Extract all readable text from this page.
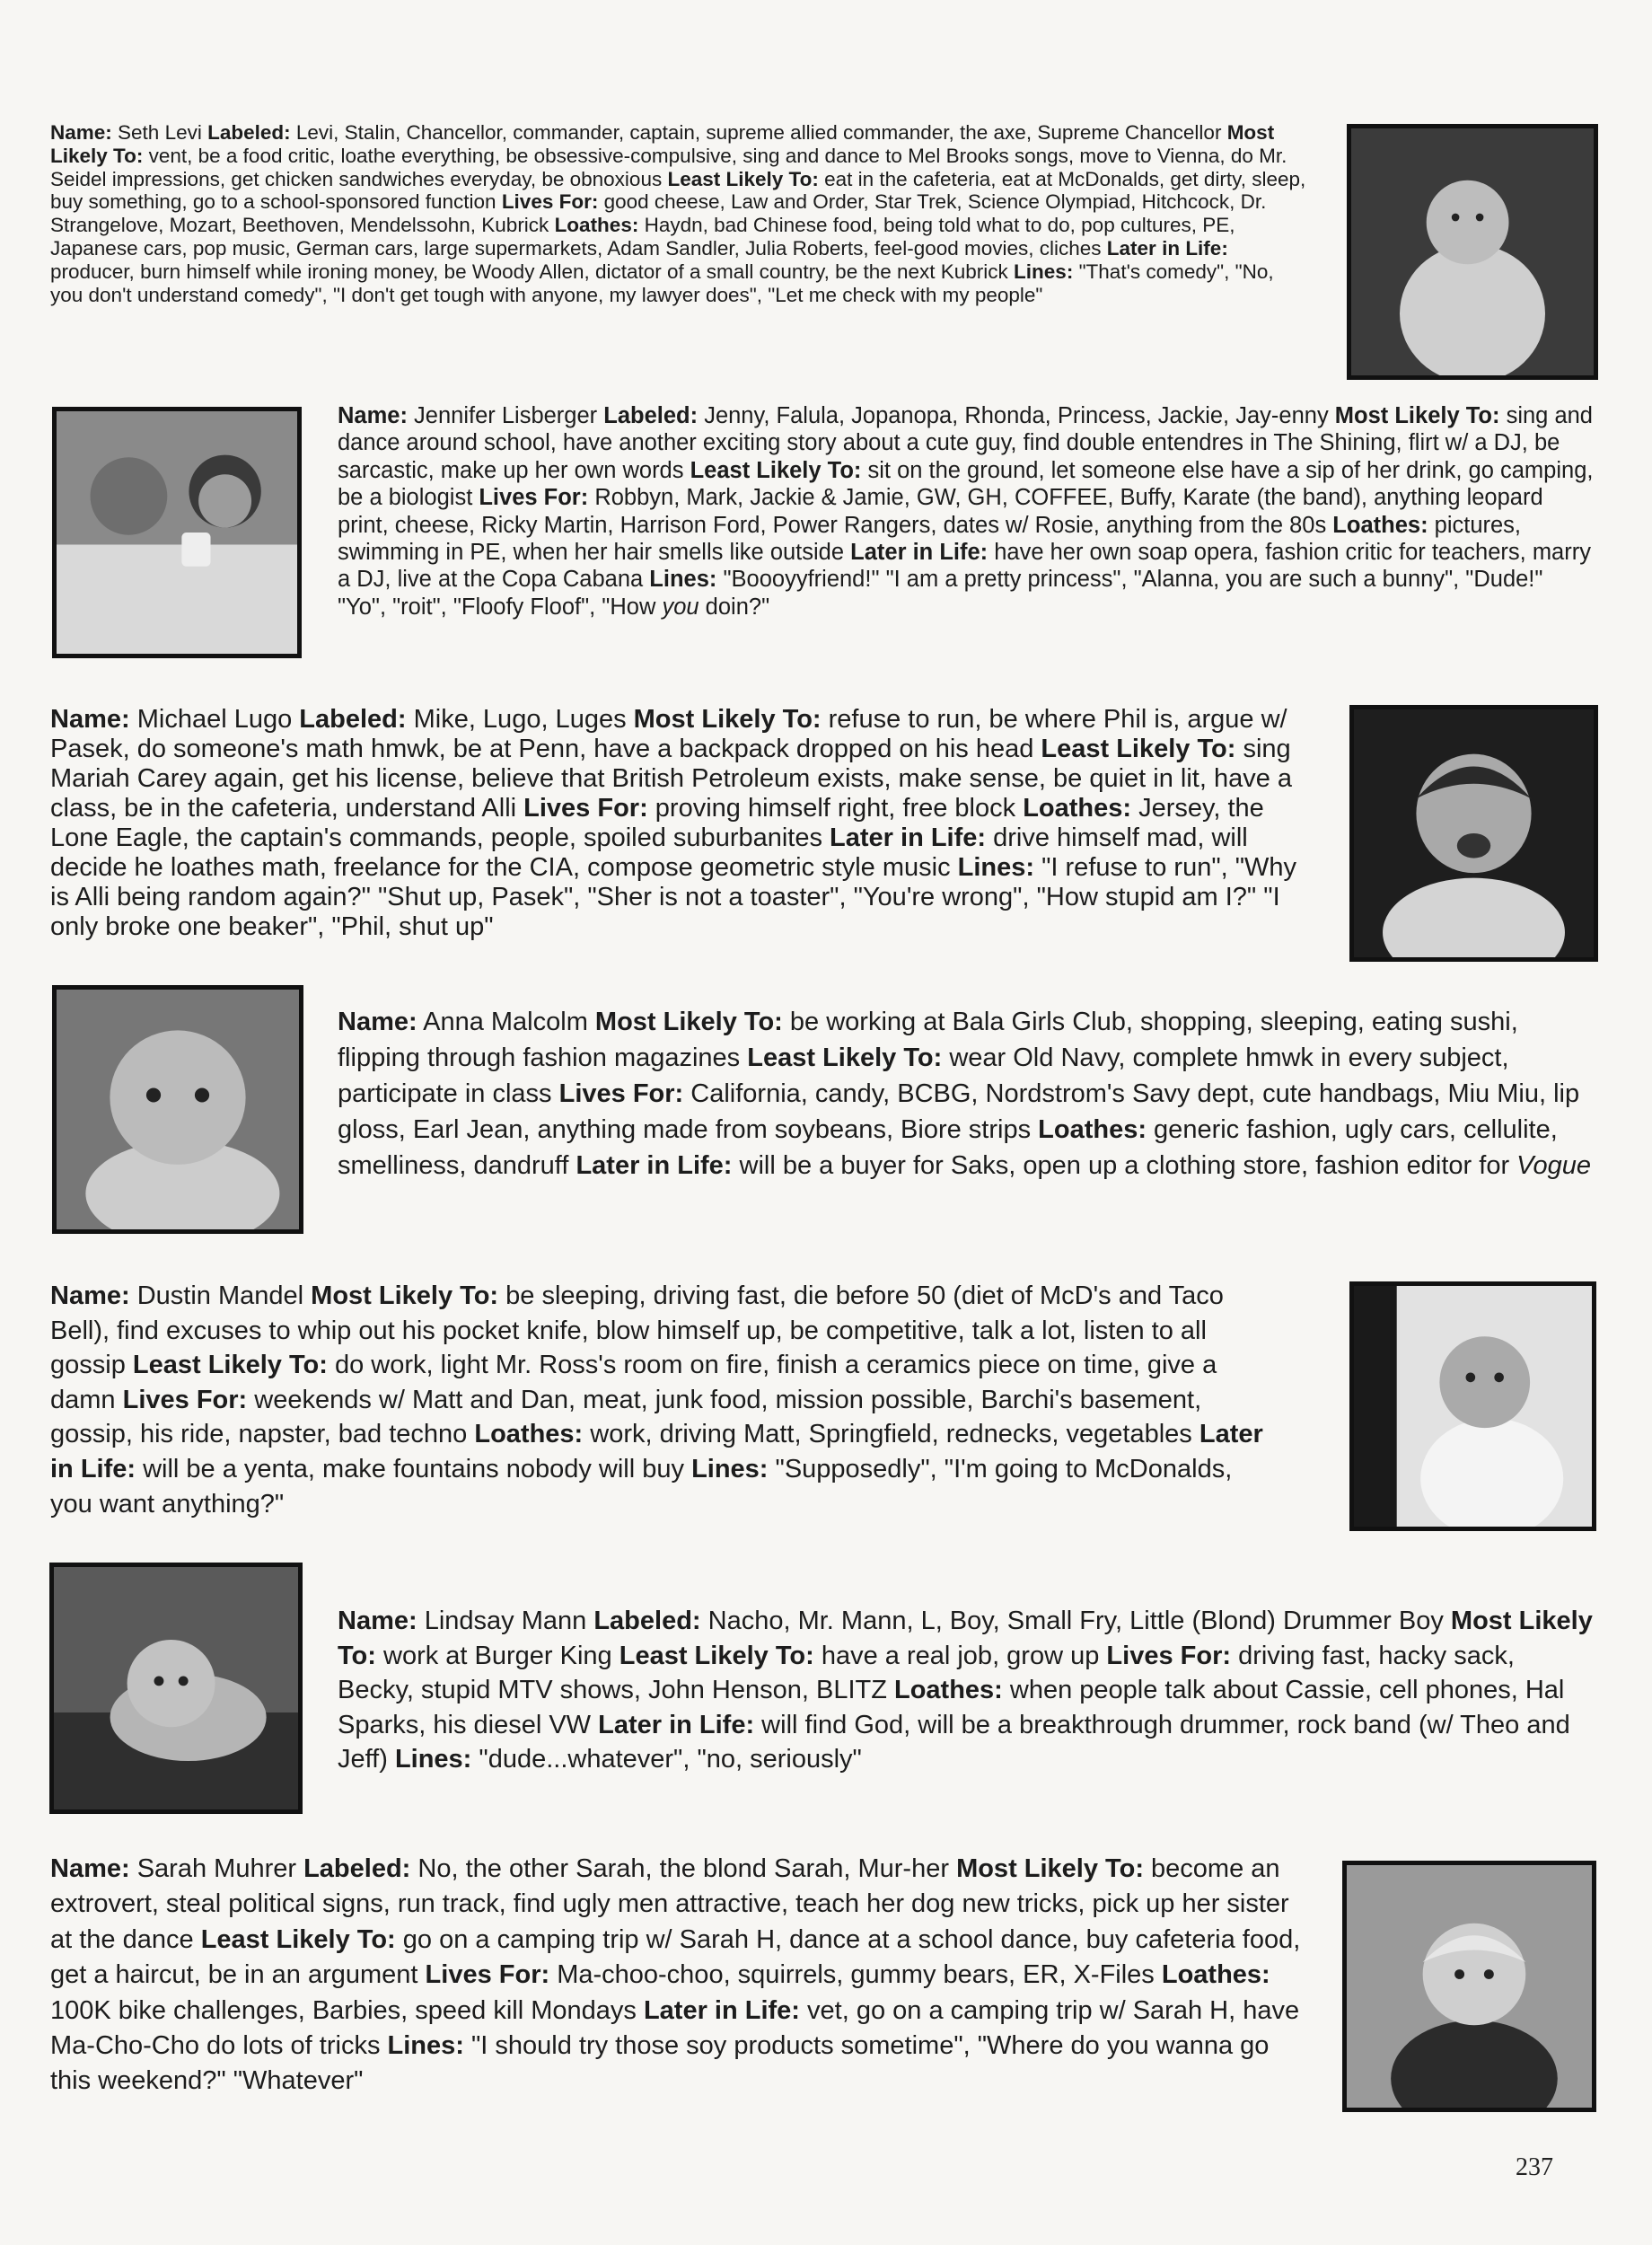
Name: Seth Levi Labeled: Levi, Stalin, Chancellor, commander, captain, supreme allied commander, the axe, Supreme Chancellor Most Likely To: vent, be a food critic, loathe everything, be obsessive-compulsive, sing and dance to Mel Brooks songs, move to Vienna, do Mr. Seidel impressions, get chicken sandwiches everyday, be obnoxious Least Likely To: eat in the cafeteria, eat at McDonalds, get dirty, sleep, buy something, go to a school-sponsored function Lives For: good cheese, Law and Order, Star Trek, Science Olympiad, Hitchcock, Dr. Strangelove, Mozart, Beethoven, Mendelssohn, Kubrick Loathes: Haydn, bad Chinese food, being told what to do, pop cultures, PE, Japanese cars, pop music, German cars, large supermarkets, Adam Sandler, Julia Roberts, feel-good movies, cliches Later in Life: producer, burn himself while ironing money, be Woody Allen, dictator of a small country, be the next Kubrick Lines: "That's comedy", "No, you don't understand comedy", "I don't get tough with anyone, my lawyer does", "Let me check with my people"

Name: Jennifer Lisberger Labeled: Jenny, Falula, Jopanopa, Rhonda, Princess, Jackie, Jay-enny Most Likely To: sing and dance around school, have another exciting story about a cute guy, find double entendres in The Shining, flirt w/ a DJ, be sarcastic, make up her own words Least Likely To: sit on the ground, let someone else have a sip of her drink, go camping, be a biologist Lives For: Robbyn, Mark, Jackie & Jamie, GW, GH, COFFEE, Buffy, Karate (the band), anything leopard print, cheese, Ricky Martin, Harrison Ford, Power Rangers, dates w/ Rosie, anything from the 80s Loathes: pictures, swimming in PE, when her hair smells like outside Later in Life: have her own soap opera, fashion critic for teachers, marry a DJ, live at the Copa Cabana Lines: "Boooyyfriend!" "I am a pretty princess", "Alanna, you are such a bunny", "Dude!" "Yo", "roit", "Floofy Floof", "How you doin?"

Name: Michael Lugo Labeled: Mike, Lugo, Luges Most Likely To: refuse to run, be where Phil is, argue w/ Pasek, do someone's math hmwk, be at Penn, have a backpack dropped on his head Least Likely To: sing Mariah Carey again, get his license, believe that British Petroleum exists, make sense, be quiet in lit, have a class, be in the cafeteria, understand Alli Lives For: proving himself right, free block Loathes: Jersey, the Lone Eagle, the captain's commands, people, spoiled suburbanites Later in Life: drive himself mad, will decide he loathes math, freelance for the CIA, compose geometric style music Lines: "I refuse to run", "Why is Alli being random again?" "Shut up, Pasek", "Sher is not a toaster", "You're wrong", "How stupid am I?" "I only broke one beaker", "Phil, shut up"

Name: Anna Malcolm Most Likely To: be working at Bala Girls Club, shopping, sleeping, eating sushi, flipping through fashion magazines Least Likely To: wear Old Navy, complete hmwk in every subject, participate in class Lives For: California, candy, BCBG, Nordstrom's Savy dept, cute handbags, Miu Miu, lip gloss, Earl Jean, anything made from soybeans, Biore strips Loathes: generic fashion, ugly cars, cellulite, smelliness, dandruff Later in Life: will be a buyer for Saks, open up a clothing store, fashion editor for Vogue

Name: Dustin Mandel Most Likely To: be sleeping, driving fast, die before 50 (diet of McD's and Taco Bell), find excuses to whip out his pocket knife, blow himself up, be competitive, talk a lot, listen to all gossip Least Likely To: do work, light Mr. Ross's room on fire, finish a ceramics piece on time, give a damn Lives For: weekends w/ Matt and Dan, meat, junk food, mission possible, Barchi's basement, gossip, his ride, napster, bad techno Loathes: work, driving Matt, Springfield, rednecks, vegetables Later in Life: will be a yenta, make fountains nobody will buy Lines: "Supposedly", "I'm going to McDonalds, you want anything?"

Name: Lindsay Mann Labeled: Nacho, Mr. Mann, L, Boy, Small Fry, Little (Blond) Drummer Boy Most Likely To: work at Burger King Least Likely To: have a real job, grow up Lives For: driving fast, hacky sack, Becky, stupid MTV shows, John Henson, BLITZ Loathes: when people talk about Cassie, cell phones, Hal Sparks, his diesel VW Later in Life: will find God, will be a breakthrough drummer, rock band (w/ Theo and Jeff) Lines: "dude...whatever", "no, seriously"

Name: Sarah Muhrer Labeled: No, the other Sarah, the blond Sarah, Mur-her Most Likely To: become an extrovert, steal political signs, run track, find ugly men attractive, teach her dog new tricks, pick up her sister at the dance Least Likely To: go on a camping trip w/ Sarah H, dance at a school dance, buy cafeteria food, get a haircut, be in an argument Lives For: Ma-choo-choo, squirrels, gummy bears, ER, X-Files Loathes: 100K bike challenges, Barbies, speed kill Mondays Later in Life: vet, go on a camping trip w/ Sarah H, have Ma-Cho-Cho do lots of tricks Lines: "I should try those soy products sometime", "Where do you wanna go this weekend?" "Whatever"

237
